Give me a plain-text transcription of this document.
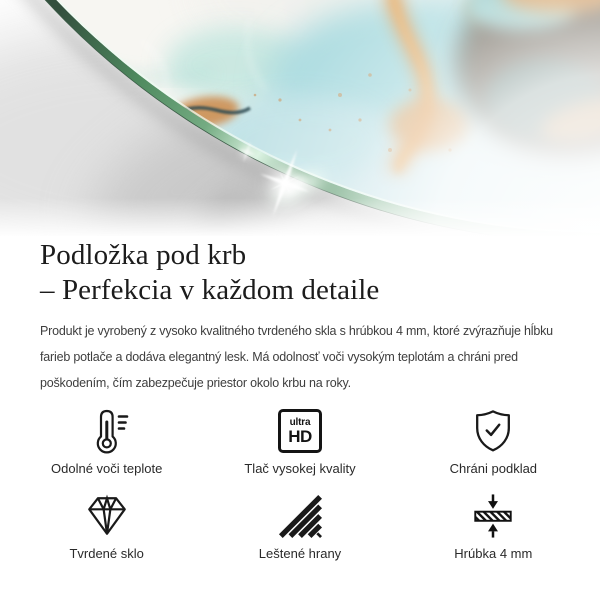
Podložka pod krb
– Perfekcia v každom detaile
Produkt je vyrobený z vysoko kvalitného tvrdeného skla s hrúbkou 4 mm, ktoré zvýrazňuje hĺbku
farieb potlače a dodáva elegantný lesk. Má odolnosť voči vysokým teplotám a chráni pred
poškodením, čím zabezpečuje priestor okolo krbu na roky.
Odolné voči teplote
ultra
HD
Tlač vysokej kvality	Chráni podklad
Tvrdené sklo	Leštené hrany	Hrúbka 4 mm
